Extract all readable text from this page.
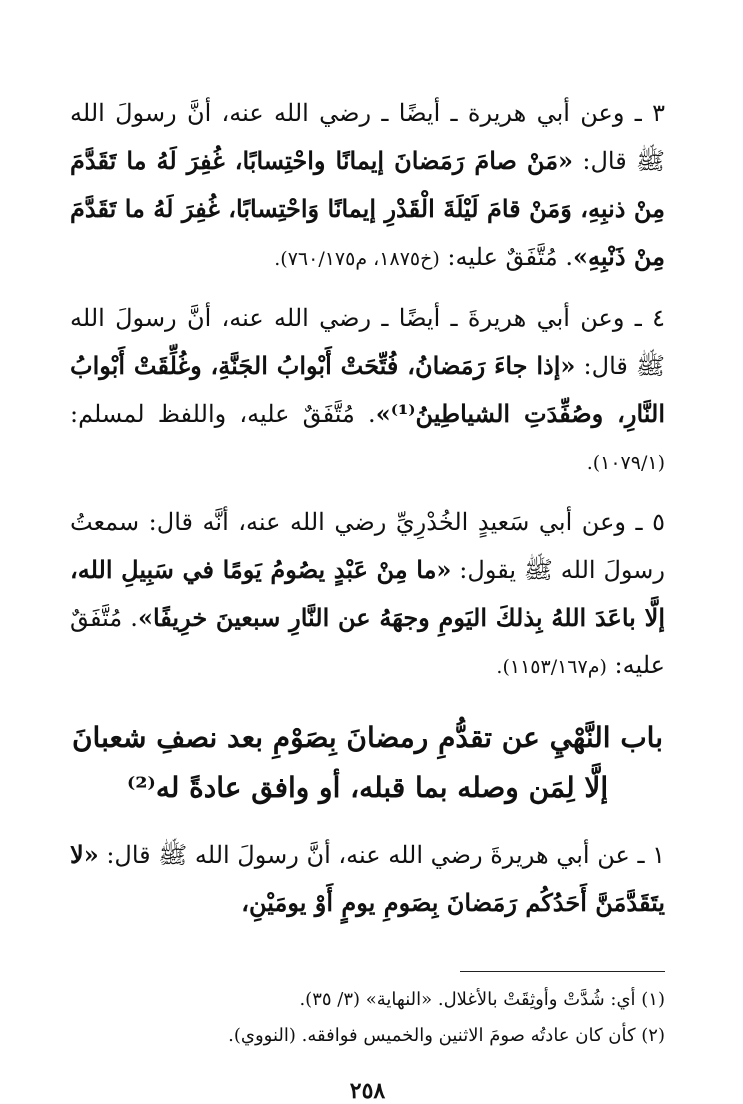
٣ ـ وعن أبي هريرة ـ أيضًا ـ رضي الله عنه، أنَّ رسولَ الله ﷺ قال: «مَنْ صامَ رَمَضانَ إيمانًا واحْتِسابًا، غُفِرَ لَهُ ما تَقَدَّمَ مِنْ ذنبِهِ، وَمَنْ قامَ لَيْلَةَ الْقَدْرِ إيمانًا وَاحْتِسابًا، غُفِرَ لَهُ ما تَقَدَّمَ مِنْ ذَنْبِهِ». مُتَّفَقٌ عليه: (خ١٨٧٥، م٧٦٠/١٧٥).

٤ ـ وعن أبي هريرةَ ـ أيضًا ـ رضي الله عنه، أنَّ رسولَ الله ﷺ قال: «إذا جاءَ رَمَضانُ، فُتِّحَتْ أَبْوابُ الجَنَّةِ، وغُلِّقَتْ أَبْوابُ النَّارِ، وصُفِّدَتِ الشياطِينُ⁽¹⁾». مُتَّفَقٌ عليه، واللفظ لمسلم: (١٠٧٩/١).

٥ ـ وعن أبي سَعيدٍ الخُدْرِيِّ رضي الله عنه، أنَّه قال: سمعتُ رسولَ الله ﷺ يقول: «ما مِنْ عَبْدٍ يصُومُ يَومًا في سَبِيلِ الله، إلَّا باعَدَ اللهُ بِذلكَ اليَومِ وجهَهُ عن النَّارِ سبعينَ خرِيفًا». مُتَّفَقٌ عليه: (م١١٥٣/١٦٧).

باب النَّهْيِ عن تقدُّمِ رمضانَ بِصَوْمِ بعد نصفِ شعبانَ
إلَّا لِمَن وصله بما قبله، أو وافق عادةً له⁽²⁾

١ ـ عن أبي هريرةَ رضي الله عنه، أنَّ رسولَ الله ﷺ قال: «لا يتَقَدَّمَنَّ أَحَدُكُم رَمَضانَ بِصَومِ يومٍ أَوْ يومَيْنِ،

(١) أي: شُدَّتْ وأوثِقَتْ بالأغلال. «النهاية» (٣/ ٣٥).

(٢) كأن كان عادتُه صومَ الاثنين والخميس فوافقه. (النووي).

٢٥٨
